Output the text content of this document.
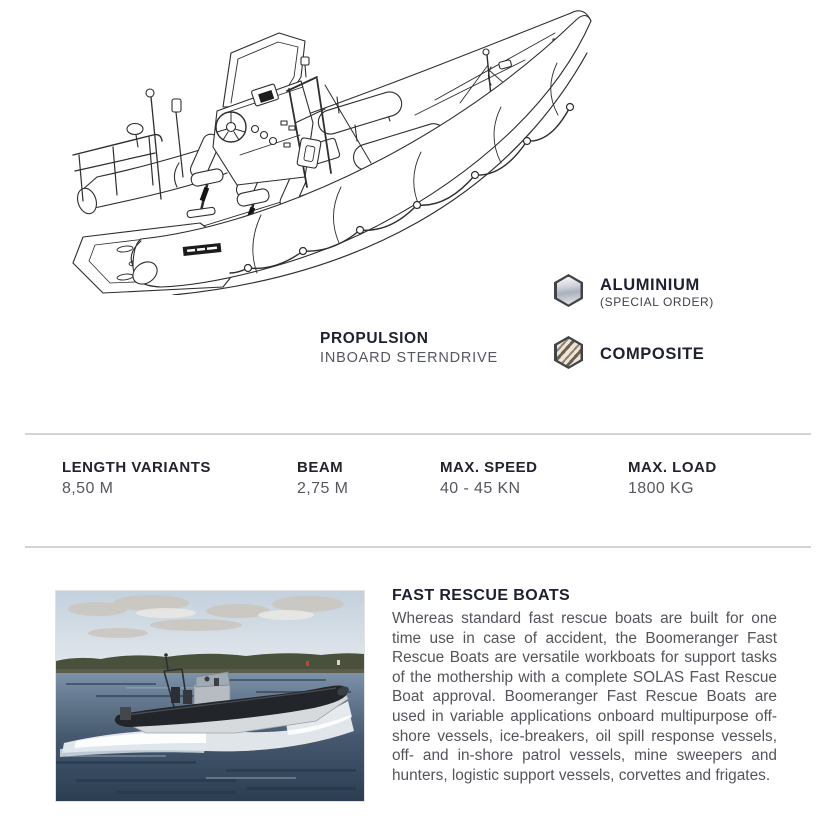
PROPULSION
INBOARD STERNDRIVE
ALUMINIUM
(SPECIAL ORDER)
COMPOSITE
LENGTH VARIANTS
8,50 M
BEAM
2,75 M
MAX. SPEED
40 - 45 KN
MAX. LOAD
1800 KG
FAST RESCUE BOATS

Whereas standard fast rescue boats are built for one time use in case of accident, the Boomeranger Fast Rescue Boats are versatile workboats for support tasks of the mothership with a complete SOLAS Fast Rescue Boat approval. Boomeranger Fast Rescue Boats are used in variable applications onboard multipurpose off-shore vessels, ice-breakers, oil spill response vessels, off- and in-shore patrol vessels, mine sweepers and hunters, logistic support vessels, corvettes and frigates.
